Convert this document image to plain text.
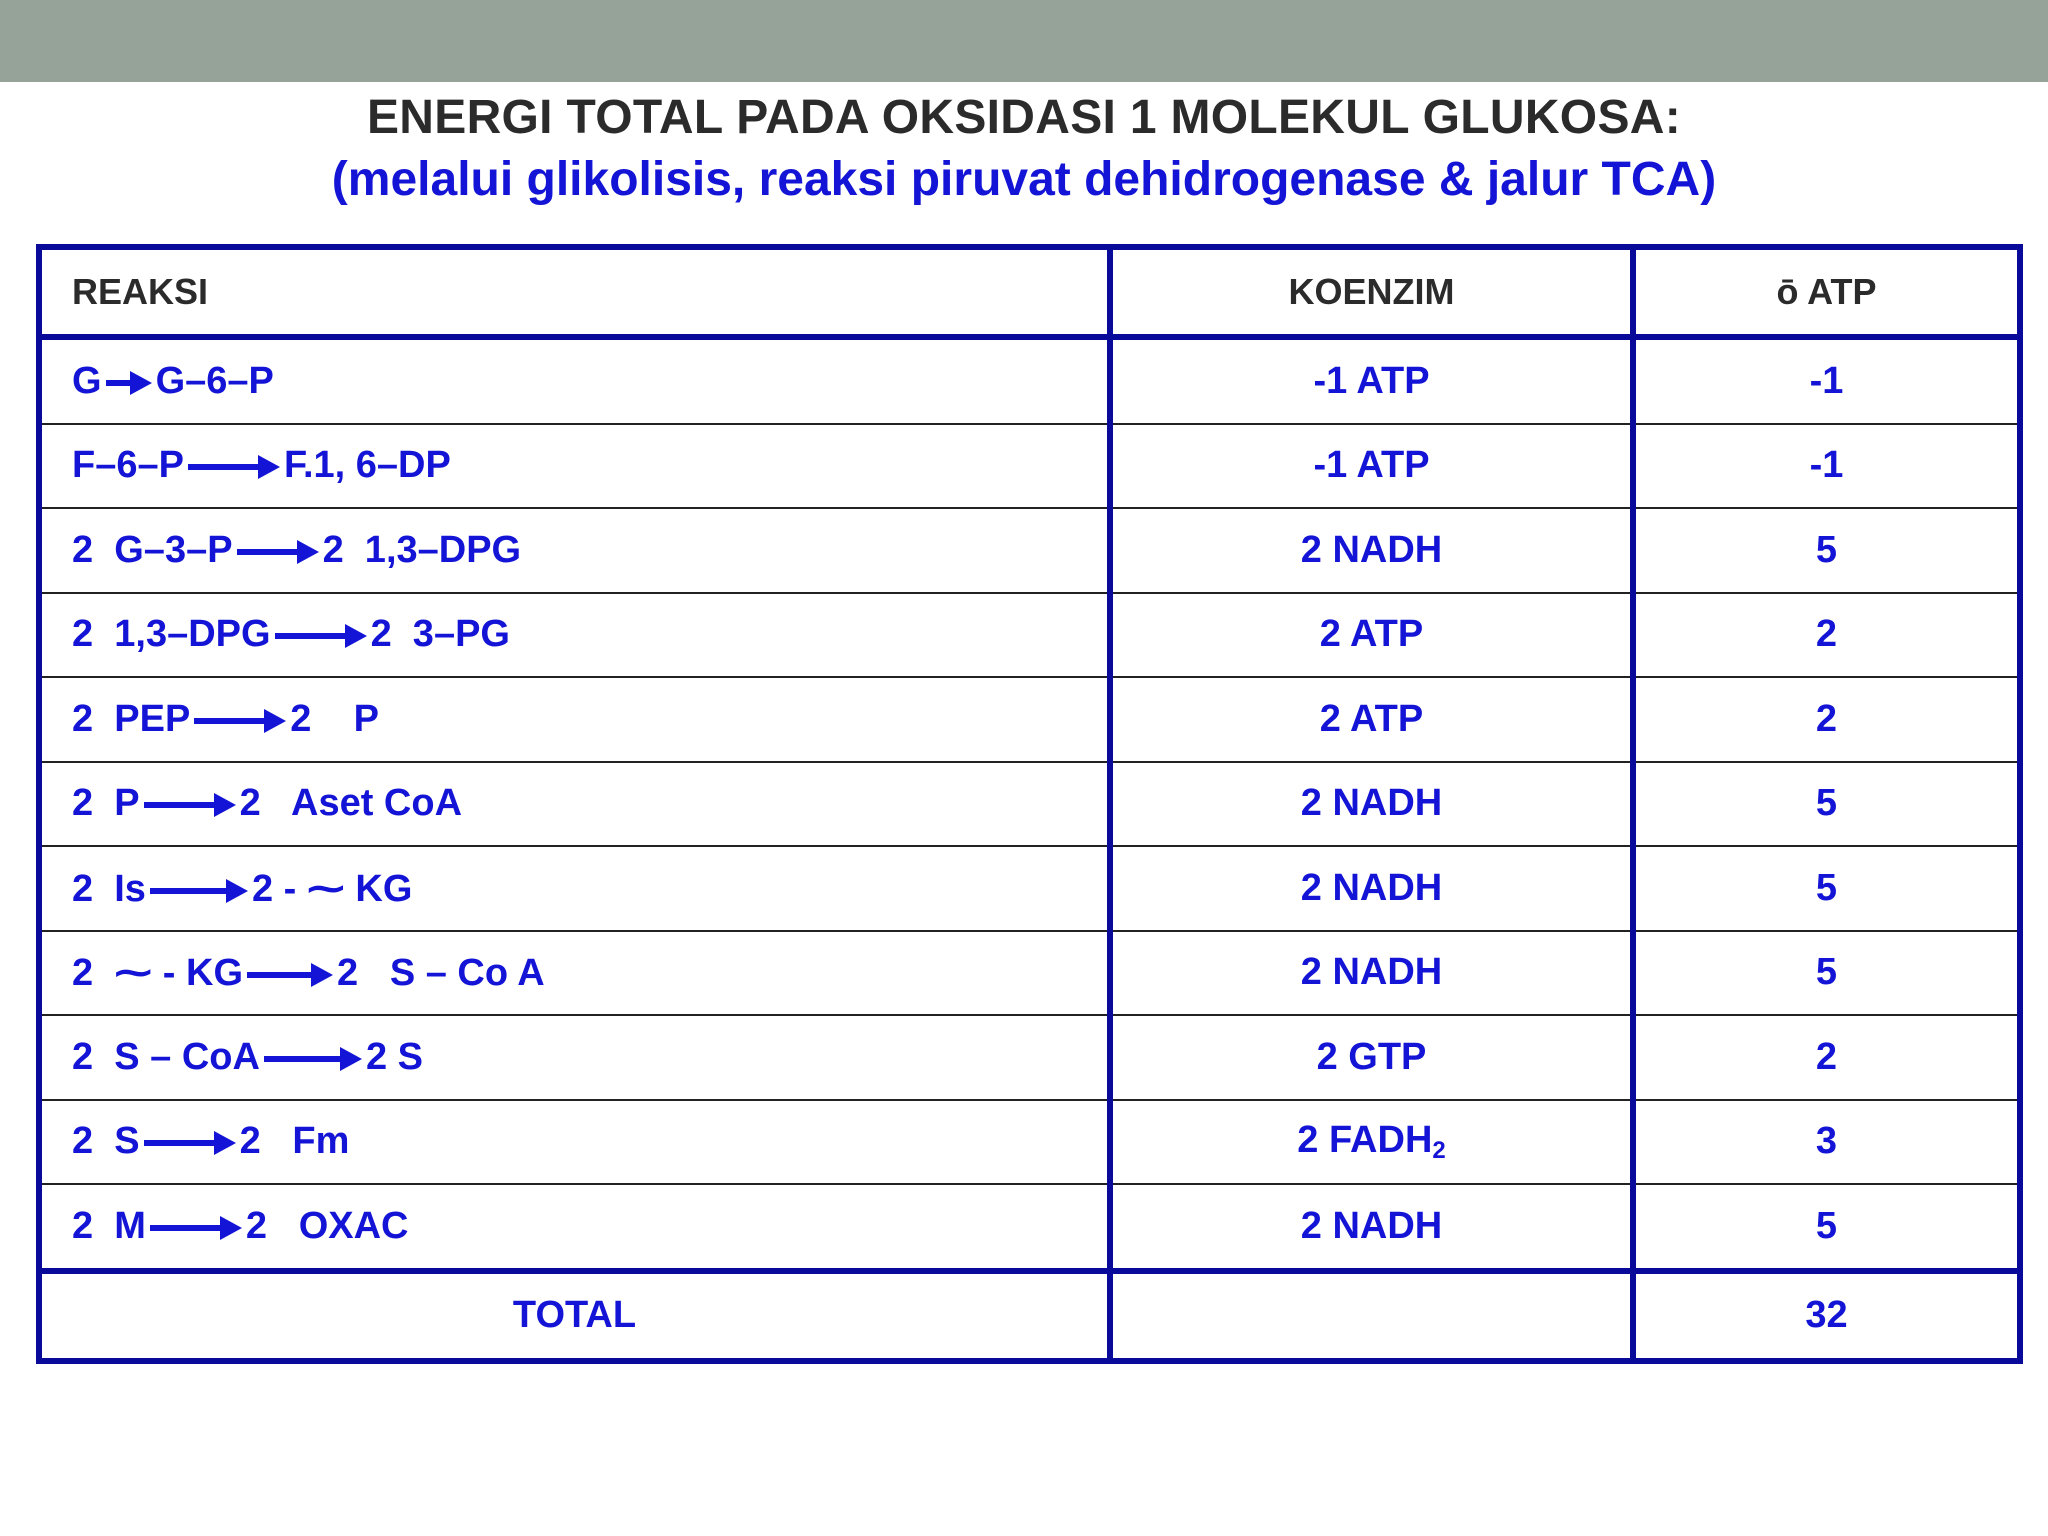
ENERGI TOTAL PADA OKSIDASI 1 MOLEKUL GLUKOSA:
(melalui glikolisis, reaksi piruvat dehidrogenase & jalur TCA)
REAKSI	KOENZIM	ō ATP
G → G–6–P	-1 ATP	-1
F–6–P → F.1, 6–DP	-1 ATP	-1
2  G–3–P → 2  1,3–DPG	2 NADH	5
2  1,3–DPG → 2  3–PG	2 ATP	2
2  PEP → 2    P	2 ATP	2
2  P → 2   Aset CoA	2 NADH	5
2  Is → 2 - ⁓ KG	2 NADH	5
2  ⁓ - KG → 2   S – Co A	2 NADH	5
2  S – CoA → 2 S	2 GTP	2
2  S → 2   Fm	2 $FADH_2$	3
2  M → 2   OXAC	2 NADH	5
TOTAL		32
